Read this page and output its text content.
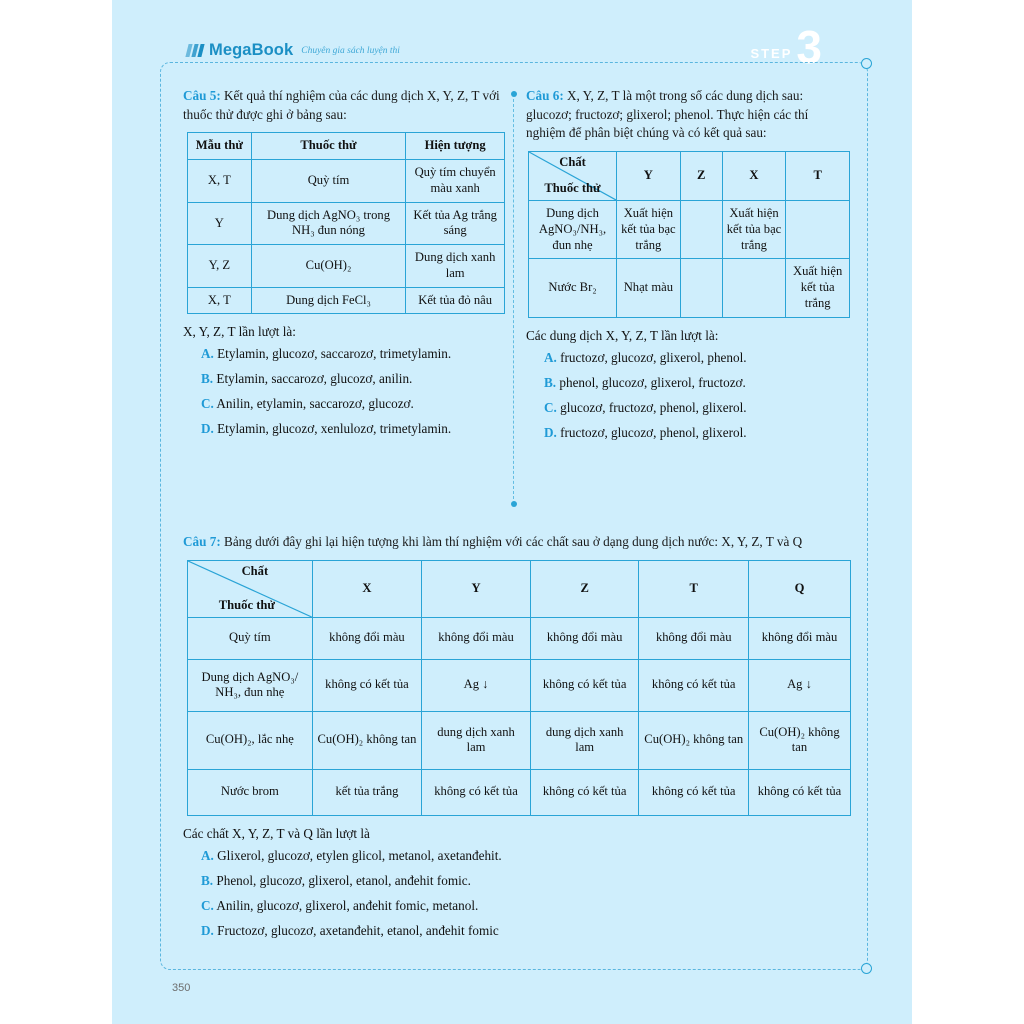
MegaBook Chuyên gia sách luyện thi	STEP 3

Câu 5: Kết quả thí nghiệm của các dung dịch X, Y, Z, T với thuốc thử được ghi ở bảng sau:

Mẫu thử	Thuốc thử	Hiện tượng
X, T	Quỳ tím	Quỳ tím chuyển màu xanh
Y	Dung dịch AgNO₃ trong NH₃ đun nóng	Kết tủa Ag trắng sáng
Y, Z	Cu(OH)₂	Dung dịch xanh lam
X, T	Dung dịch FeCl₃	Kết tủa đỏ nâu

X, Y, Z, T lần lượt là:

A. Etylamin, glucozơ, saccarozơ, trimetylamin.

B. Etylamin, saccarozơ, glucozơ, anilin.

C. Anilin, etylamin, saccarozơ, glucozơ.

D. Etylamin, glucozơ, xenlulozơ, trimetylamin.

Câu 6: X, Y, Z, T là một trong số các dung dịch sau: glucozơ; fructozơ; glixerol; phenol. Thực hiện các thí nghiệm để phân biệt chúng và có kết quả sau:

Chất
Thuốc thử	Y	Z	X	T
Dung dịch AgNO₃/NH₃, đun nhẹ	Xuất hiện kết tủa bạc trắng		Xuất hiện kết tủa bạc trắng	
Nước Br₂	Nhạt màu			Xuất hiện kết tủa trắng

Các dung dịch X, Y, Z, T lần lượt là:

A. fructozơ, glucozơ, glixerol, phenol.

B. phenol, glucozơ, glixerol, fructozơ.

C. glucozơ, fructozơ, phenol, glixerol.

D. fructozơ, glucozơ, phenol, glixerol.

Câu 7: Bảng dưới đây ghi lại hiện tượng khi làm thí nghiệm với các chất sau ở dạng dung dịch nước: X, Y, Z, T và Q

Chất
Thuốc thử	X	Y	Z	T	Q
Quỳ tím	không đổi màu	không đổi màu	không đổi màu	không đổi màu	không đổi màu
Dung dịch AgNO₃/ NH₃, đun nhẹ	không có kết tủa	Ag ↓	không có kết tủa	không có kết tủa	Ag ↓
Cu(OH)₂, lắc nhẹ	Cu(OH)₂ không tan	dung dịch xanh lam	dung dịch xanh lam	Cu(OH)₂ không tan	Cu(OH)₂ không tan
Nước brom	kết tủa trắng	không có kết tủa	không có kết tủa	không có kết tủa	không có kết tủa

Các chất X, Y, Z, T và Q lần lượt là

A. Glixerol, glucozơ, etylen glicol, metanol, axetanđehit.

B. Phenol, glucozơ, glixerol, etanol, anđehit fomic.

C. Anilin, glucozơ, glixerol, anđehit fomic, metanol.

D. Fructozơ, glucozơ, axetanđehit, etanol, anđehit fomic

350
